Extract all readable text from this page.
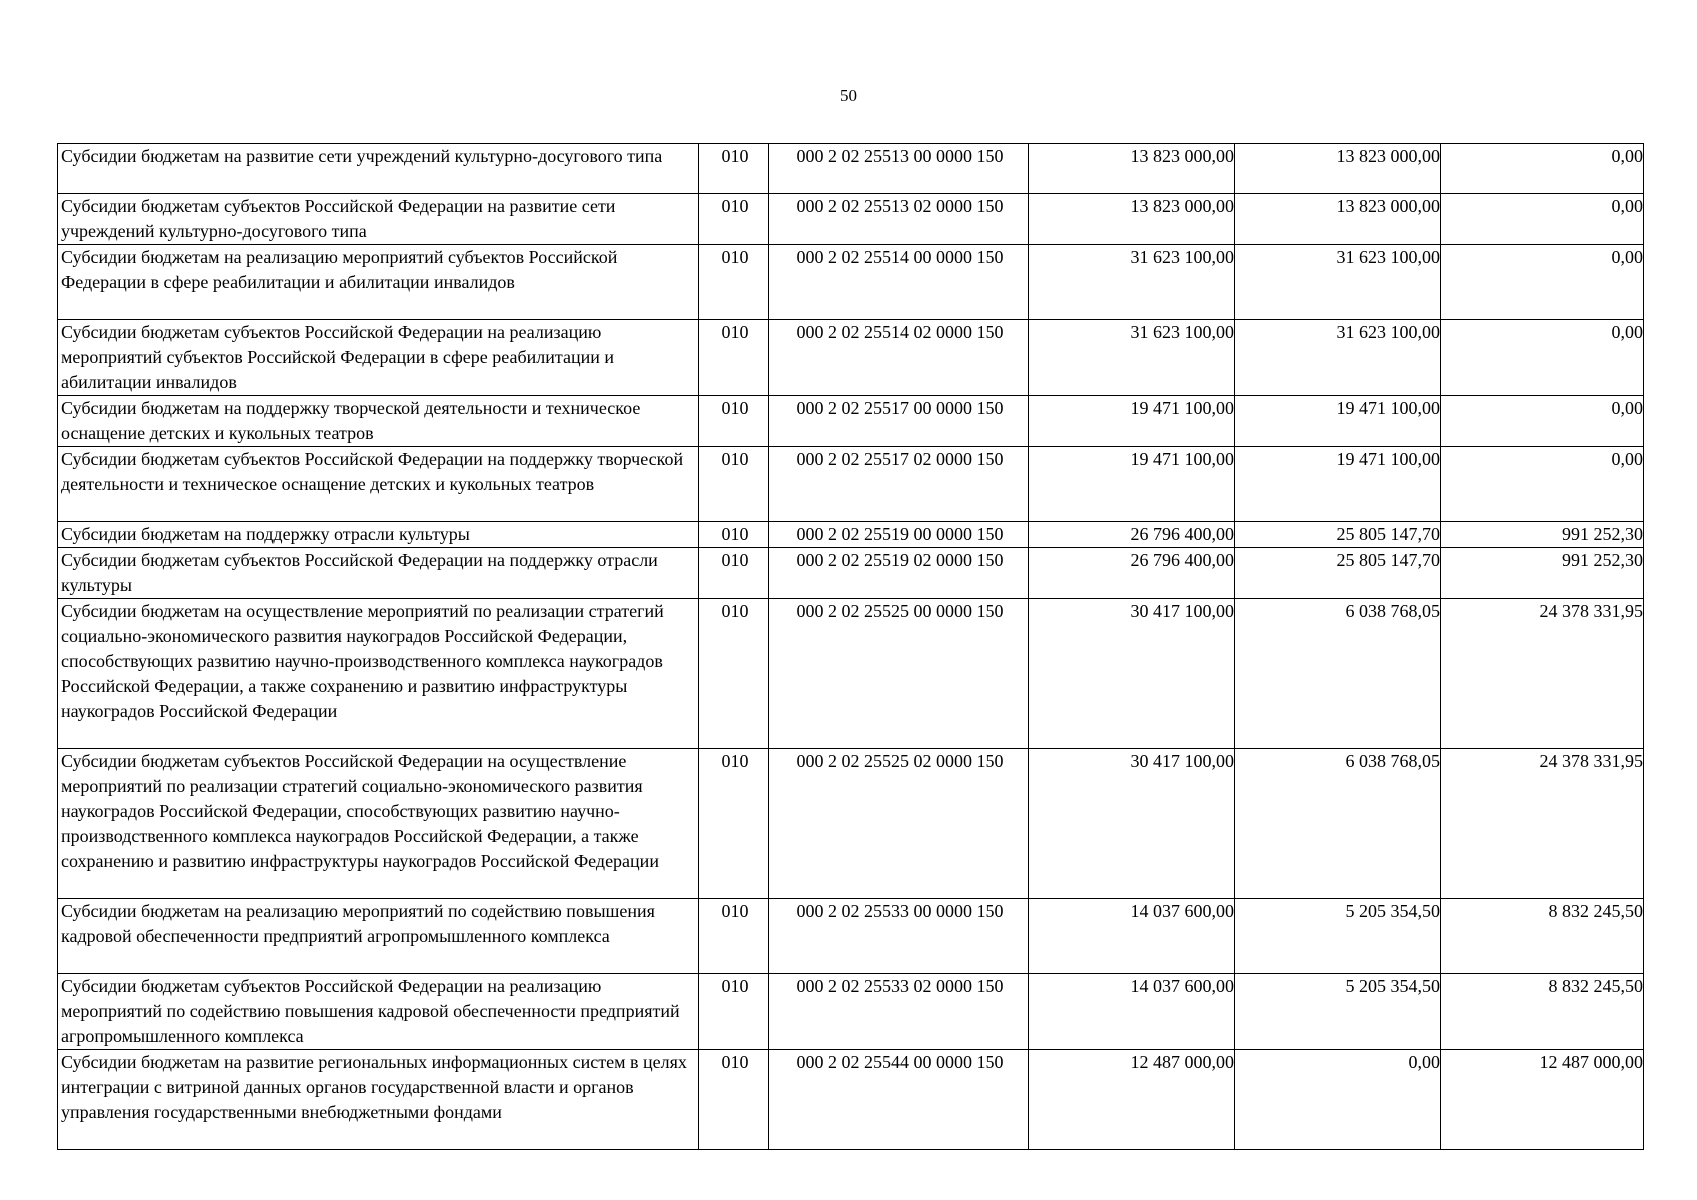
50
Субсидии бюджетам на развитие сети учреждений культурно-досугового типа	010	000 2 02 25513 00 0000 150	13 823 000,00	13 823 000,00	0,00
Субсидии бюджетам субъектов Российской Федерации на развитие сети учреждений культурно-досугового типа	010	000 2 02 25513 02 0000 150	13 823 000,00	13 823 000,00	0,00
Субсидии бюджетам на реализацию мероприятий субъектов Российской Федерации в сфере реабилитации и абилитации инвалидов	010	000 2 02 25514 00 0000 150	31 623 100,00	31 623 100,00	0,00
Субсидии бюджетам субъектов Российской Федерации на реализацию мероприятий субъектов Российской Федерации в сфере реабилитации и абилитации инвалидов	010	000 2 02 25514 02 0000 150	31 623 100,00	31 623 100,00	0,00
Субсидии бюджетам на поддержку творческой деятельности и техническое оснащение детских и кукольных театров	010	000 2 02 25517 00 0000 150	19 471 100,00	19 471 100,00	0,00
Субсидии бюджетам субъектов Российской Федерации на поддержку творческой деятельности и техническое оснащение детских и кукольных театров	010	000 2 02 25517 02 0000 150	19 471 100,00	19 471 100,00	0,00
Субсидии бюджетам на поддержку отрасли культуры	010	000 2 02 25519 00 0000 150	26 796 400,00	25 805 147,70	991 252,30
Субсидии бюджетам субъектов Российской Федерации на поддержку отрасли культуры	010	000 2 02 25519 02 0000 150	26 796 400,00	25 805 147,70	991 252,30
Субсидии бюджетам на осуществление мероприятий по реализации стратегий социально-экономического развития наукоградов Российской Федерации, способствующих развитию научно-производственного комплекса наукоградов Российской Федерации, а также сохранению и развитию инфраструктуры наукоградов Российской Федерации	010	000 2 02 25525 00 0000 150	30 417 100,00	6 038 768,05	24 378 331,95
Субсидии бюджетам субъектов Российской Федерации на осуществление мероприятий по реализации стратегий социально-экономического развития наукоградов Российской Федерации, способствующих развитию научно-производственного комплекса наукоградов Российской Федерации, а также сохранению и развитию инфраструктуры наукоградов Российской Федерации	010	000 2 02 25525 02 0000 150	30 417 100,00	6 038 768,05	24 378 331,95
Субсидии бюджетам на реализацию мероприятий по содействию повышения кадровой обеспеченности предприятий агропромышленного комплекса	010	000 2 02 25533 00 0000 150	14 037 600,00	5 205 354,50	8 832 245,50
Субсидии бюджетам субъектов Российской Федерации на реализацию мероприятий по содействию повышения кадровой обеспеченности предприятий агропромышленного комплекса	010	000 2 02 25533 02 0000 150	14 037 600,00	5 205 354,50	8 832 245,50
Субсидии бюджетам на развитие региональных информационных систем в целях интеграции с витриной данных органов государственной власти и органов управления государственными внебюджетными фондами	010	000 2 02 25544 00 0000 150	12 487 000,00	0,00	12 487 000,00
